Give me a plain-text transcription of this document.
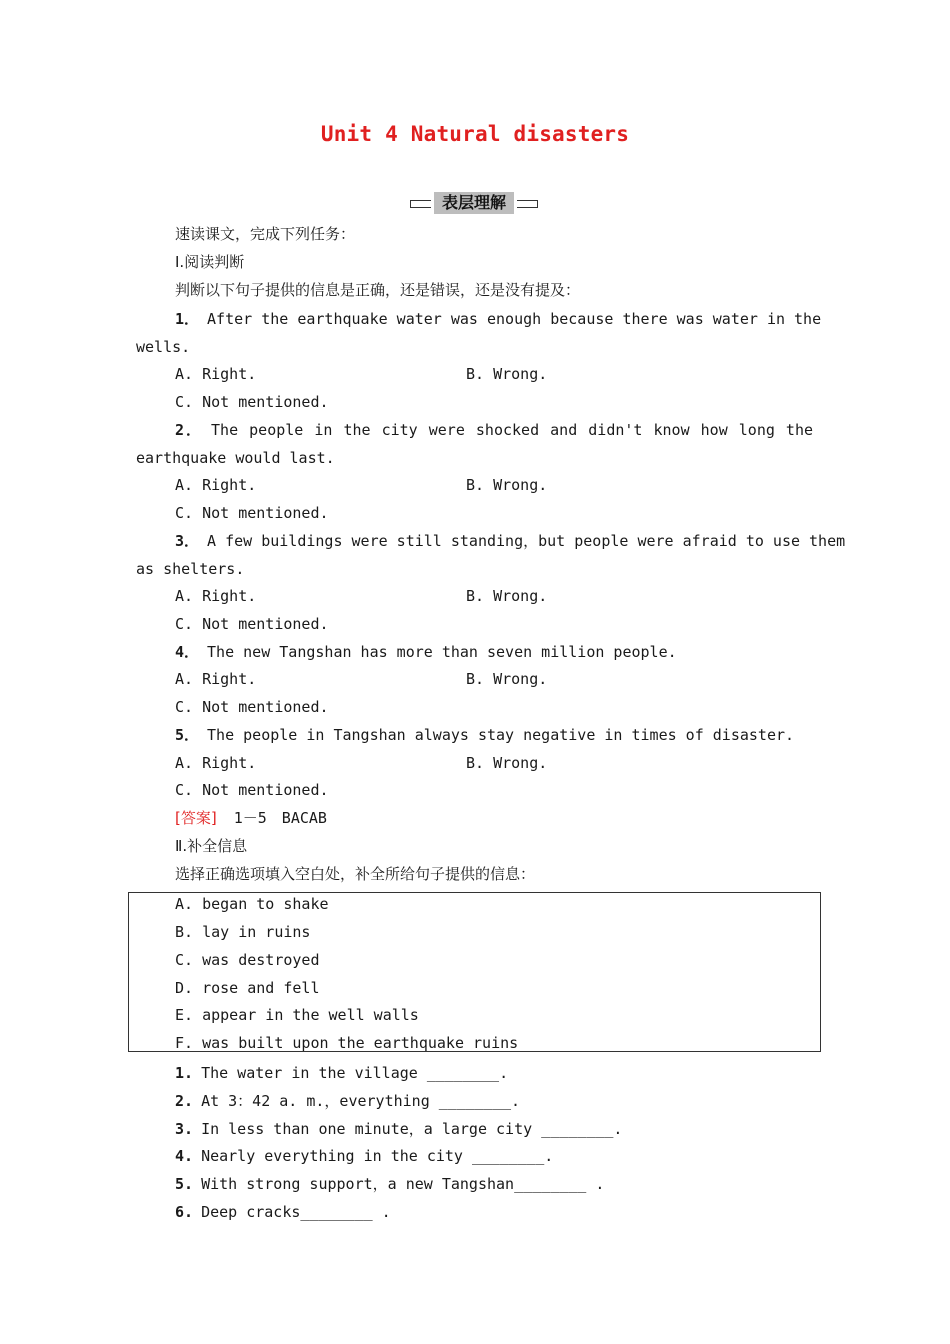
Unit 4 Natural disasters
表层理解
速读课文，完成下列任务：
Ⅰ.阅读判断
判断以下句子提供的信息是正确，还是错误，还是没有提及：
1． After the earthquake water was enough because there was water in the
wells.
A. Right.	B. Wrong.
C. Not mentioned.
2． The people in the city were shocked and didn't know how long the
earthquake would last.
A. Right.	B. Wrong.
C. Not mentioned.
3． A few buildings were still standing，but people were afraid to use them
as shelters.
A. Right.	B. Wrong.
C. Not mentioned.
4． The new Tangshan has more than seven million people.
A. Right.	B. Wrong.
C. Not mentioned.
5． The people in Tangshan always stay negative in times of disaster.
A. Right.	B. Wrong.
C. Not mentioned.
[答案] 1－5　BACAB
Ⅱ.补全信息
选择正确选项填入空白处，补全所给句子提供的信息：
A. began to shake
B. lay in ruins
C. was destroyed
D. rose and fell
E. appear in the well walls
F. was built upon the earthquake ruins
1. The water in the village ________.
2. At 3：42 a. m.，everything ________.
3. In less than one minute，a large city ________.
4. Nearly everything in the city ________.
5. With strong support，a new Tangshan________ .
6. Deep cracks________ .
